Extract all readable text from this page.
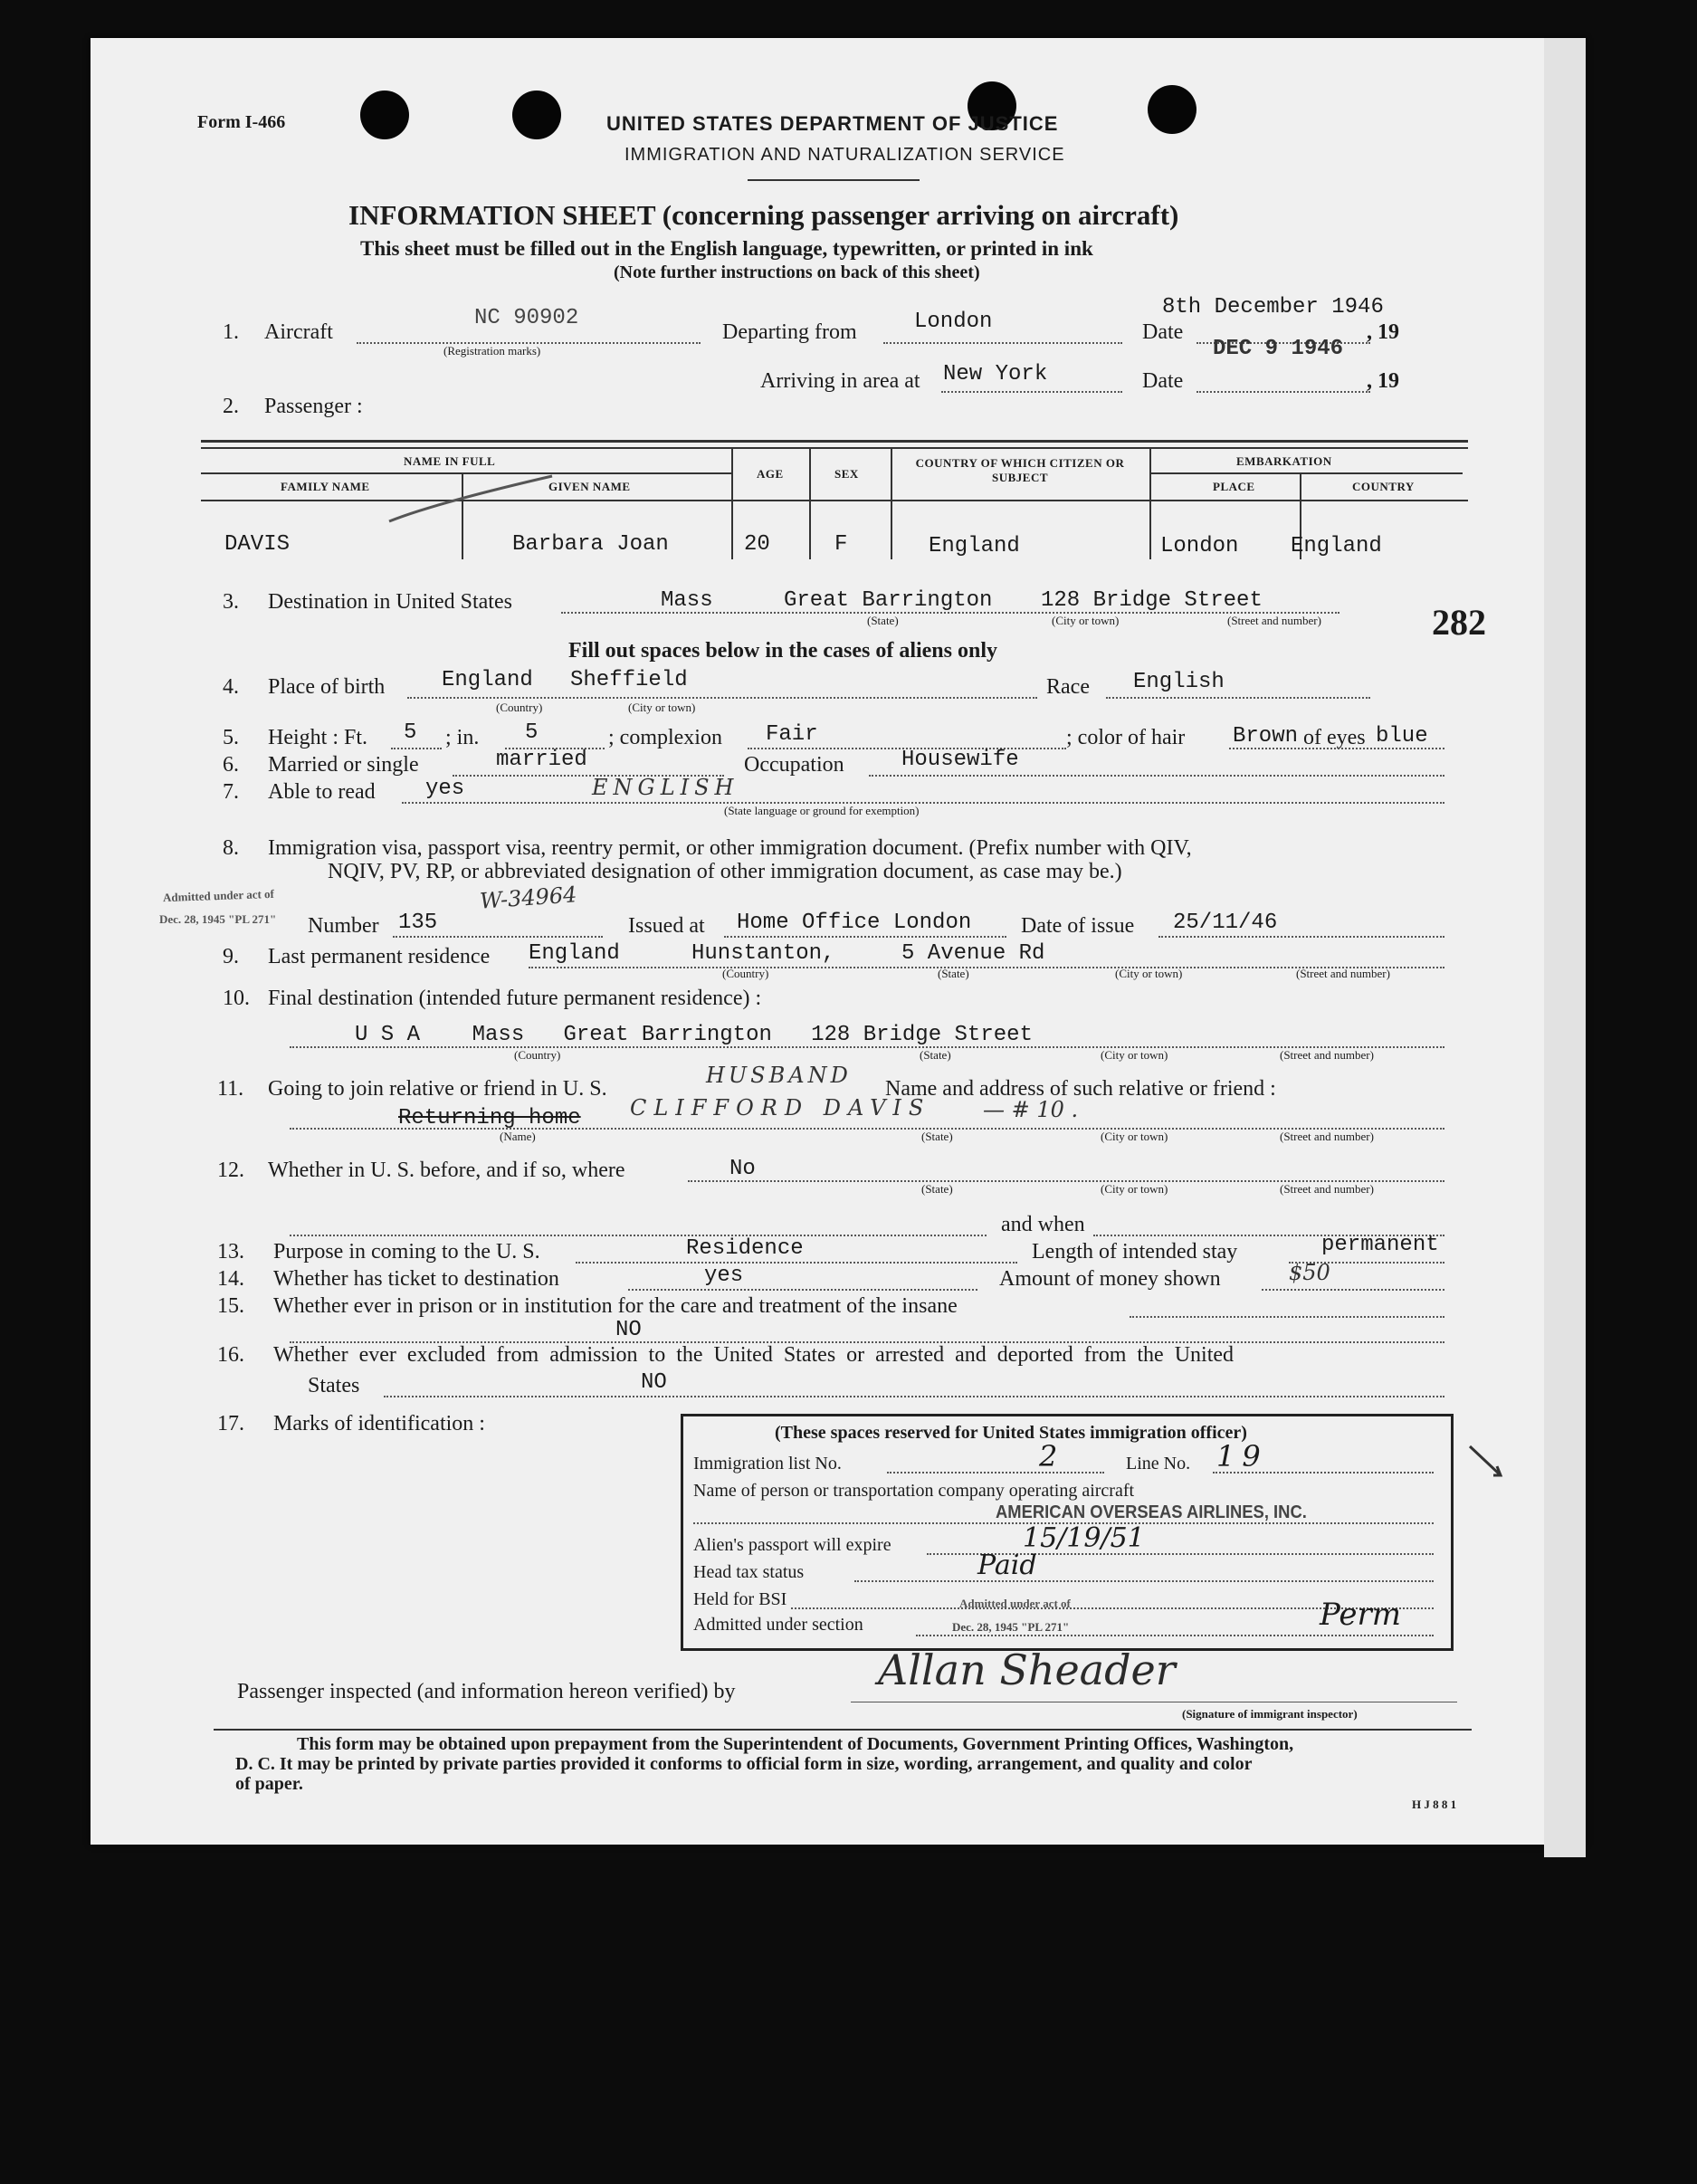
Form I-466	UNITED STATES DEPARTMENT OF JUSTICE
IMMIGRATION AND NATURALIZATION SERVICE
INFORMATION SHEET (concerning passenger arriving on aircraft)
This sheet must be filled out in the English language, typewritten, or printed in ink
(Note further instructions on back of this sheet)
1. Aircraft
NC 90902
(Registration marks)
Departing from	London	Date
8th December 1946
, 19
Arriving in area at New York	Date
DEC 9 1946
, 19
2. Passenger :
NAME IN FULL
FAMILY NAME	GIVEN NAME
AGE	SEX
COUNTRY OF WHICH CITIZEN OR SUBJECT
EMBARKATION
PLACE	COUNTRY
DAVIS	Barbara Joan	20	F	England	London England
3. Destination in United States	Mass	Great Barrington 128 Bridge Street
(State)	(City or town)	(Street and number)	282
Fill out spaces below in the cases of aliens only
4. Place of birth	England Sheffield
(Country)	(City or town)
Race English
5. Height : Ft. 5 ; in. 5	; complexion Fair	; color of hair Brown of eyes blue
6. Married or single	married	Occupation	Housewife
7. Able to read yes	ENGLISH
(State language or ground for exemption)
8. Immigration visa, passport visa, reentry permit, or other immigration document. (Prefix number with QIV,
NQIV, PV, RP, or abbreviated designation of other immigration document, as case may be.)
Admitted under act of
Dec. 28, 1945 "PL 271"
W-34964
Number 135	Issued at Home Office London Date of issue 25/11/46
9. Last permanent residence England	Hunstanton,	5 Avenue Rd
(Country)	(State)	(City or town)	(Street and number)
10. Final destination (intended future permanent residence) :
U S A    Mass   Great Barrington   128 Bridge Street
(Country)	(State)	(City or town)	(Street and number)
11. Going to join relative or friend in U. S.
HUSBAND
Name and address of such relative or friend :
Returning home CLIFFORD DAVIS — # 10 .
(Name)	(State)	(City or town)	(Street and number)
12. Whether in U. S. before, and if so, where	No
(State)	(City or town)	(Street and number)
and when
13. Purpose in coming to the U. S.	Residence	Length of intended stay	permanent
14. Whether has ticket to destination	yes	Amount of money shown	$50
15. Whether ever in prison or in institution for the care and treatment of the insane
NO
16. Whether ever excluded from admission to the United States or arrested and deported from the United
States	NO
17. Marks of identification :	(These spaces reserved for United States immigration officer)
Immigration list No.	2	Line No. 19
Name of person or transportation company operating aircraft
AMERICAN OVERSEAS AIRLINES, INC.
Alien's passport will expire	15/19/51
Head tax status	Paid
Held for BSI	Admitted under act of
Admitted under section	Dec. 28, 1945 "PL 271"	Perm
Passenger inspected (and information hereon verified) by	Allan Sheader
(Signature of immigrant inspector)
This form may be obtained upon prepayment from the Superintendent of Documents, Government Printing Offices, Washington,
D. C. It may be printed by private parties provided it conforms to official form in size, wording, arrangement, and quality and color
of paper.
H J 8 8 1
